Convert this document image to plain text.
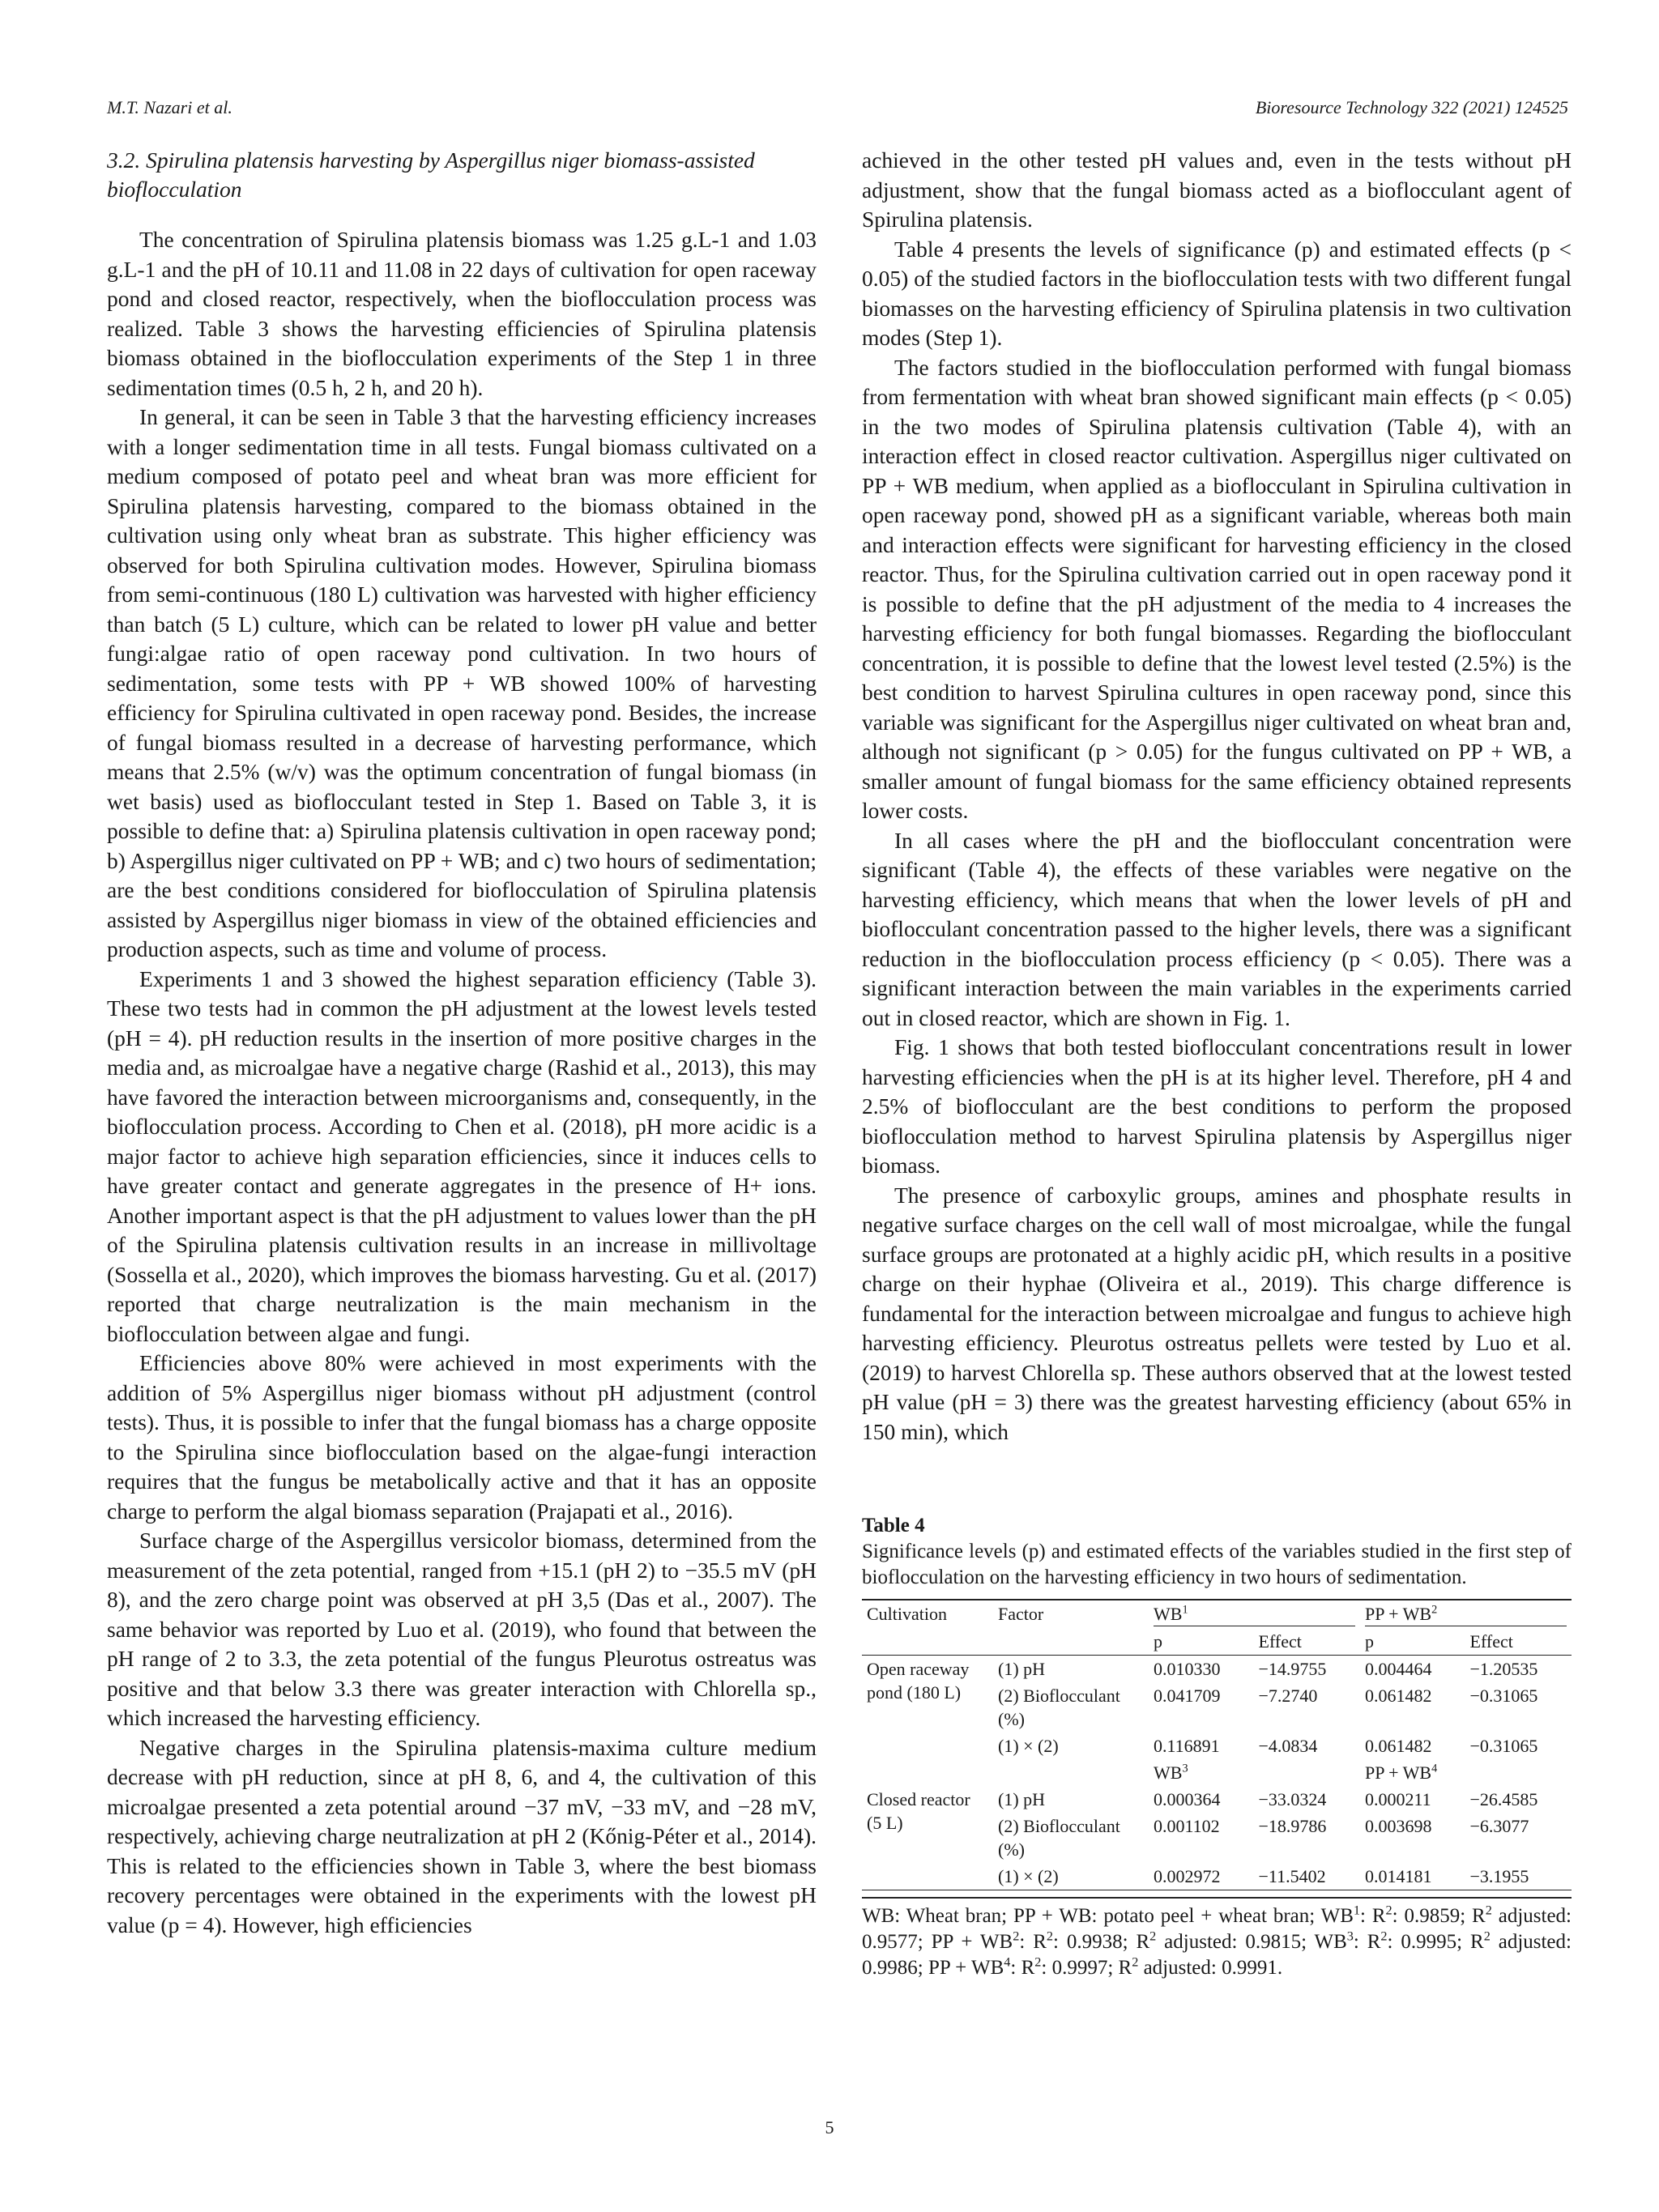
M.T. Nazari et al.	Bioresource Technology 322 (2021) 124525
3.2. Spirulina platensis harvesting by Aspergillus niger biomass-assisted bioflocculation

The concentration of Spirulina platensis biomass was 1.25 g.L-1 and 1.03 g.L-1 and the pH of 10.11 and 11.08 in 22 days of cultivation for open raceway pond and closed reactor, respectively, when the bioflocculation process was realized. Table 3 shows the harvesting efficiencies of Spirulina platensis biomass obtained in the bioflocculation experiments of the Step 1 in three sedimentation times (0.5 h, 2 h, and 20 h).

In general, it can be seen in Table 3 that the harvesting efficiency increases with a longer sedimentation time in all tests. Fungal biomass cultivated on a medium composed of potato peel and wheat bran was more efficient for Spirulina platensis harvesting, compared to the biomass obtained in the cultivation using only wheat bran as substrate. This higher efficiency was observed for both Spirulina cultivation modes. However, Spirulina biomass from semi-continuous (180 L) cultivation was harvested with higher efficiency than batch (5 L) culture, which can be related to lower pH value and better fungi:algae ratio of open raceway pond cultivation. In two hours of sedimentation, some tests with PP + WB showed 100% of harvesting efficiency for Spirulina cultivated in open raceway pond. Besides, the increase of fungal biomass resulted in a decrease of harvesting performance, which means that 2.5% (w/v) was the optimum concentration of fungal biomass (in wet basis) used as bioflocculant tested in Step 1. Based on Table 3, it is possible to define that: a) Spirulina platensis cultivation in open raceway pond; b) Aspergillus niger cultivated on PP + WB; and c) two hours of sedimentation; are the best conditions considered for bioflocculation of Spirulina platensis assisted by Aspergillus niger biomass in view of the obtained efficiencies and production aspects, such as time and volume of process.

Experiments 1 and 3 showed the highest separation efficiency (Table 3). These two tests had in common the pH adjustment at the lowest levels tested (pH = 4). pH reduction results in the insertion of more positive charges in the media and, as microalgae have a negative charge (Rashid et al., 2013), this may have favored the interaction between microorganisms and, consequently, in the bioflocculation process. According to Chen et al. (2018), pH more acidic is a major factor to achieve high separation efficiencies, since it induces cells to have greater contact and generate aggregates in the presence of H+ ions. Another important aspect is that the pH adjustment to values lower than the pH of the Spirulina platensis cultivation results in an increase in millivoltage (Sossella et al., 2020), which improves the biomass harvesting. Gu et al. (2017) reported that charge neutralization is the main mechanism in the bioflocculation between algae and fungi.

Efficiencies above 80% were achieved in most experiments with the addition of 5% Aspergillus niger biomass without pH adjustment (control tests). Thus, it is possible to infer that the fungal biomass has a charge opposite to the Spirulina since bioflocculation based on the algae-fungi interaction requires that the fungus be metabolically active and that it has an opposite charge to perform the algal biomass separation (Prajapati et al., 2016).

Surface charge of the Aspergillus versicolor biomass, determined from the measurement of the zeta potential, ranged from +15.1 (pH 2) to −35.5 mV (pH 8), and the zero charge point was observed at pH 3,5 (Das et al., 2007). The same behavior was reported by Luo et al. (2019), who found that between the pH range of 2 to 3.3, the zeta potential of the fungus Pleurotus ostreatus was positive and that below 3.3 there was greater interaction with Chlorella sp., which increased the harvesting efficiency.

Negative charges in the Spirulina platensis-maxima culture medium decrease with pH reduction, since at pH 8, 6, and 4, the cultivation of this microalgae presented a zeta potential around −37 mV, −33 mV, and −28 mV, respectively, achieving charge neutralization at pH 2 (Kőnig-Péter et al., 2014). This is related to the efficiencies shown in Table 3, where the best biomass recovery percentages were obtained in the experiments with the lowest pH value (p = 4). However, high efficiencies

achieved in the other tested pH values and, even in the tests without pH adjustment, show that the fungal biomass acted as a bioflocculant agent of Spirulina platensis.

Table 4 presents the levels of significance (p) and estimated effects (p < 0.05) of the studied factors in the bioflocculation tests with two different fungal biomasses on the harvesting efficiency of Spirulina platensis in two cultivation modes (Step 1).

The factors studied in the bioflocculation performed with fungal biomass from fermentation with wheat bran showed significant main effects (p < 0.05) in the two modes of Spirulina platensis cultivation (Table 4), with an interaction effect in closed reactor cultivation. Aspergillus niger cultivated on PP + WB medium, when applied as a bioflocculant in Spirulina cultivation in open raceway pond, showed pH as a significant variable, whereas both main and interaction effects were significant for harvesting efficiency in the closed reactor. Thus, for the Spirulina cultivation carried out in open raceway pond it is possible to define that the pH adjustment of the media to 4 increases the harvesting efficiency for both fungal biomasses. Regarding the bioflocculant concentration, it is possible to define that the lowest level tested (2.5%) is the best condition to harvest Spirulina cultures in open raceway pond, since this variable was significant for the Aspergillus niger cultivated on wheat bran and, although not significant (p > 0.05) for the fungus cultivated on PP + WB, a smaller amount of fungal biomass for the same efficiency obtained represents lower costs.

In all cases where the pH and the bioflocculant concentration were significant (Table 4), the effects of these variables were negative on the harvesting efficiency, which means that when the lower levels of pH and bioflocculant concentration passed to the higher levels, there was a significant reduction in the bioflocculation process efficiency (p < 0.05). There was a significant interaction between the main variables in the experiments carried out in closed reactor, which are shown in Fig. 1.

Fig. 1 shows that both tested bioflocculant concentrations result in lower harvesting efficiencies when the pH is at its higher level. Therefore, pH 4 and 2.5% of bioflocculant are the best conditions to perform the proposed bioflocculation method to harvest Spirulina platensis by Aspergillus niger biomass.

The presence of carboxylic groups, amines and phosphate results in negative surface charges on the cell wall of most microalgae, while the fungal surface groups are protonated at a highly acidic pH, which results in a positive charge on their hyphae (Oliveira et al., 2019). This charge difference is fundamental for the interaction between microalgae and fungus to achieve high harvesting efficiency. Pleurotus ostreatus pellets were tested by Luo et al. (2019) to harvest Chlorella sp. These authors observed that at the lowest tested pH value (pH = 3) there was the greatest harvesting efficiency (about 65% in 150 min), which

Table 4
Significance levels (p) and estimated effects of the variables studied in the first step of bioflocculation on the harvesting efficiency in two hours of sedimentation.
Cultivation	Factor	$WB^1$		PP + $WB^2$

		p	Effect	p	Effect
Open raceway pond (180 L)	(1) pH	0.010330	−14.9755	0.004464	−1.20535
	(2) Bioflocculant (%)	0.041709	−7.2740	0.061482	−0.31065
	(1) × (2)	0.116891	−4.0834	0.061482	−0.31065
		$WB^3$		PP + $WB^4$
Closed reactor (5 L)	(1) pH	0.000364	−33.0324	0.000211	−26.4585
	(2) Bioflocculant (%)	0.001102	−18.9786	0.003698	−6.3077
	(1) × (2)	0.002972	−11.5402	0.014181	−3.1955
WB: Wheat bran; PP + WB: potato peel + wheat bran; $WB^1$: $R^2$: 0.9859; $R^2$ adjusted: 0.9577; PP + $WB^2$: $R^2$: 0.9938; $R^2$ adjusted: 0.9815; $WB^3$: $R^2$: 0.9995; $R^2$ adjusted: 0.9986; PP + $WB^4$: $R^2$: 0.9997; $R^2$ adjusted: 0.9991.
5
